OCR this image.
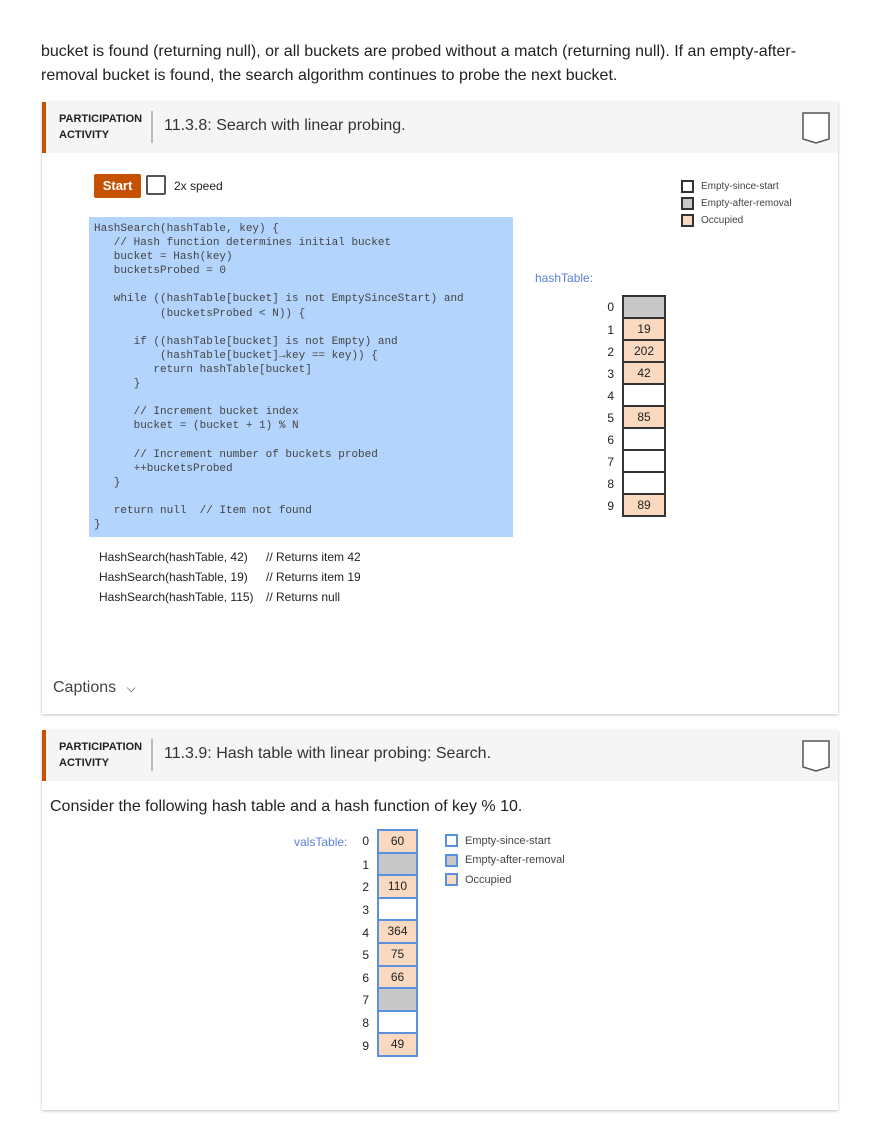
bucket is found (returning null), or all buckets are probed without a match (returning null). If an empty-after-removal bucket is found, the search algorithm continues to probe the next bucket.
PARTICIPATION
ACTIVITY
11.3.8: Search with linear probing.
Start	2x speed
HashSearch(hashTable, key) {
// Hash function determines initial bucket
bucket = Hash(key)
bucketsProbed = 0
while ((hashTable[bucket] is not EmptySinceStart) and
(bucketsProbed < N)) {
if ((hashTable[bucket] is not Empty) and
(hashTable[bucket]→key == key)) {
return hashTable[bucket]
}
// Increment bucket index
bucket = (bucket + 1) % N
// Increment number of buckets probed
++bucketsProbed
}
return null  // Item not found
}
HashSearch(hashTable, 42) // Returns item 42
HashSearch(hashTable, 19) // Returns item 19
HashSearch(hashTable, 115) // Returns null
Empty-since-start
Empty-after-removal
Occupied
hashTable:
0
1	19
2	202
3	42
4
5	85
6
7
8
9	89
Captions ⌵
PARTICIPATION
ACTIVITY
11.3.9: Hash table with linear probing: Search.
Consider the following hash table and a hash function of key % 10.
valsTable:	0	60
1
2	110
3
4	364
5	75
6	66
7
8
9	49
Empty-since-start
Empty-after-removal
Occupied
